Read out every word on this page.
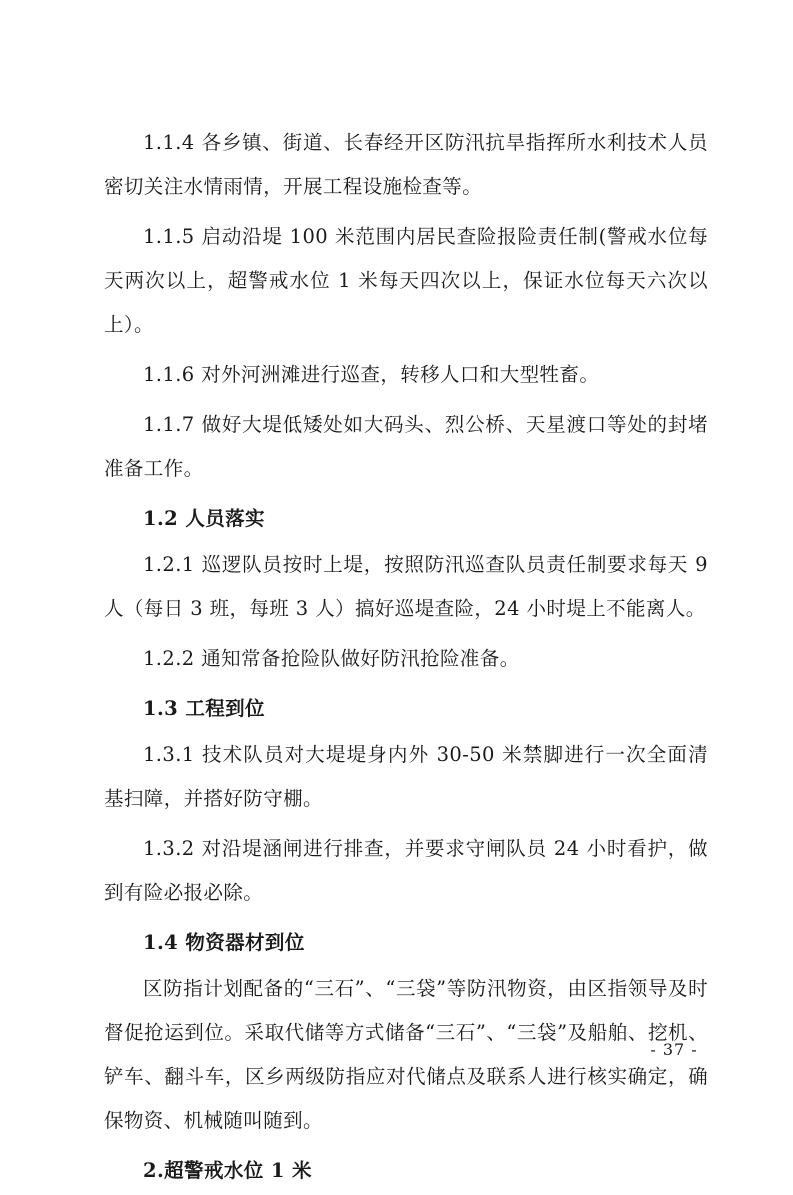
1.1.4 各乡镇、街道、长春经开区防汛抗旱指挥所水利技术人员密切关注水情雨情，开展工程设施检查等。

1.1.5 启动沿堤 100 米范围内居民查险报险责任制(警戒水位每天两次以上，超警戒水位 1 米每天四次以上，保证水位每天六次以上）。

1.1.6 对外河洲滩进行巡查，转移人口和大型牲畜。

1.1.7 做好大堤低矮处如大码头、烈公桥、天星渡口等处的封堵准备工作。

1.2 人员落实

1.2.1 巡逻队员按时上堤，按照防汛巡查队员责任制要求每天 9 人（每日 3 班，每班 3 人）搞好巡堤查险，24 小时堤上不能离人。

1.2.2 通知常备抢险队做好防汛抢险准备。

1.3 工程到位

1.3.1 技术队员对大堤堤身内外 30-50 米禁脚进行一次全面清基扫障，并搭好防守棚。

1.3.2 对沿堤涵闸进行排查，并要求守闸队员 24 小时看护，做到有险必报必除。

1.4 物资器材到位

区防指计划配备的“三石”、“三袋”等防汛物资，由区指领导及时督促抢运到位。采取代储等方式储备“三石”、“三袋”及船舶、挖机、铲车、翻斗车，区乡两级防指应对代储点及联系人进行核实确定，确保物资、机械随叫随到。

2.超警戒水位 1 米

- 37 -
